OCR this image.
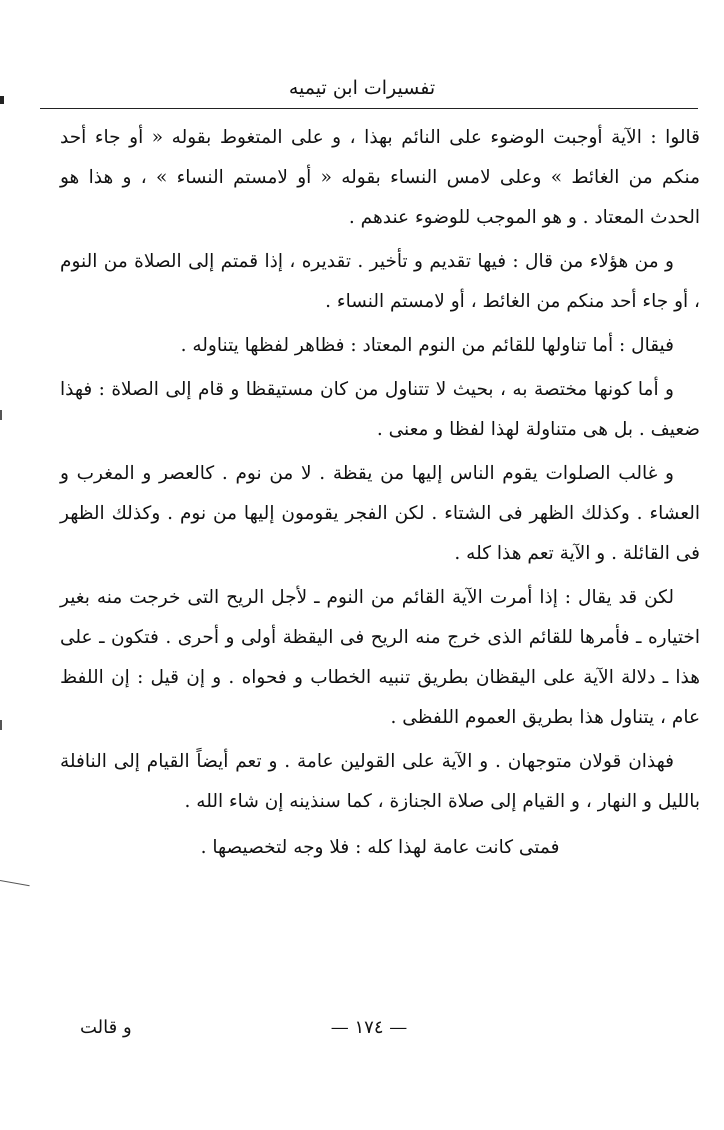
تفسيرات ابن تيميه

قالوا : الآية أوجبت الوضوء على النائم بهذا ، و على المتغوط بقوله « أو جاء أحد منكم من الغائط » وعلى لامس النساء بقوله « أو لامستم النساء » ، و هذا هو الحدث المعتاد . و هو الموجب للوضوء عندهم .

و من هؤلاء من قال : فيها تقديم و تأخير . تقديره ، إذا قمتم إلى الصلاة من النوم ، أو جاء أحد منكم من الغائط ، أو لامستم النساء .

فيقال : أما تناولها للقائم من النوم المعتاد : فظاهر لفظها يتناوله .

و أما كونها مختصة به ، بحيث لا تتناول من كان مستيقظا و قام إلى الصلاة : فهذا ضعيف . بل هى متناولة لهذا لفظا و معنى .

و غالب الصلوات يقوم الناس إليها من يقظة . لا من نوم . كالعصر و المغرب و العشاء . وكذلك الظهر فى الشتاء . لكن الفجر يقومون إليها من نوم . وكذلك الظهر فى القائلة . و الآية تعم هذا كله .

لكن قد يقال : إذا أمرت الآية القائم من النوم ـ لأجل الريح التى خرجت منه بغير اختياره ـ فأمرها للقائم الذى خرج منه الريح فى اليقظة أولى و أحرى . فتكون ـ على هذا ـ دلالة الآية على اليقظان بطريق تنبيه الخطاب و فحواه . و إن قيل : إن اللفظ عام ، يتناول هذا بطريق العموم اللفظى .

فهذان قولان متوجهان . و الآية على القولين عامة . و تعم أيضاً القيام إلى النافلة بالليل و النهار ، و القيام إلى صلاة الجنازة ، كما سنذينه إن شاء الله .

فمتى كانت عامة لهذا كله : فلا وجه لتخصيصها .

— ١٧٤ —
و قالت
